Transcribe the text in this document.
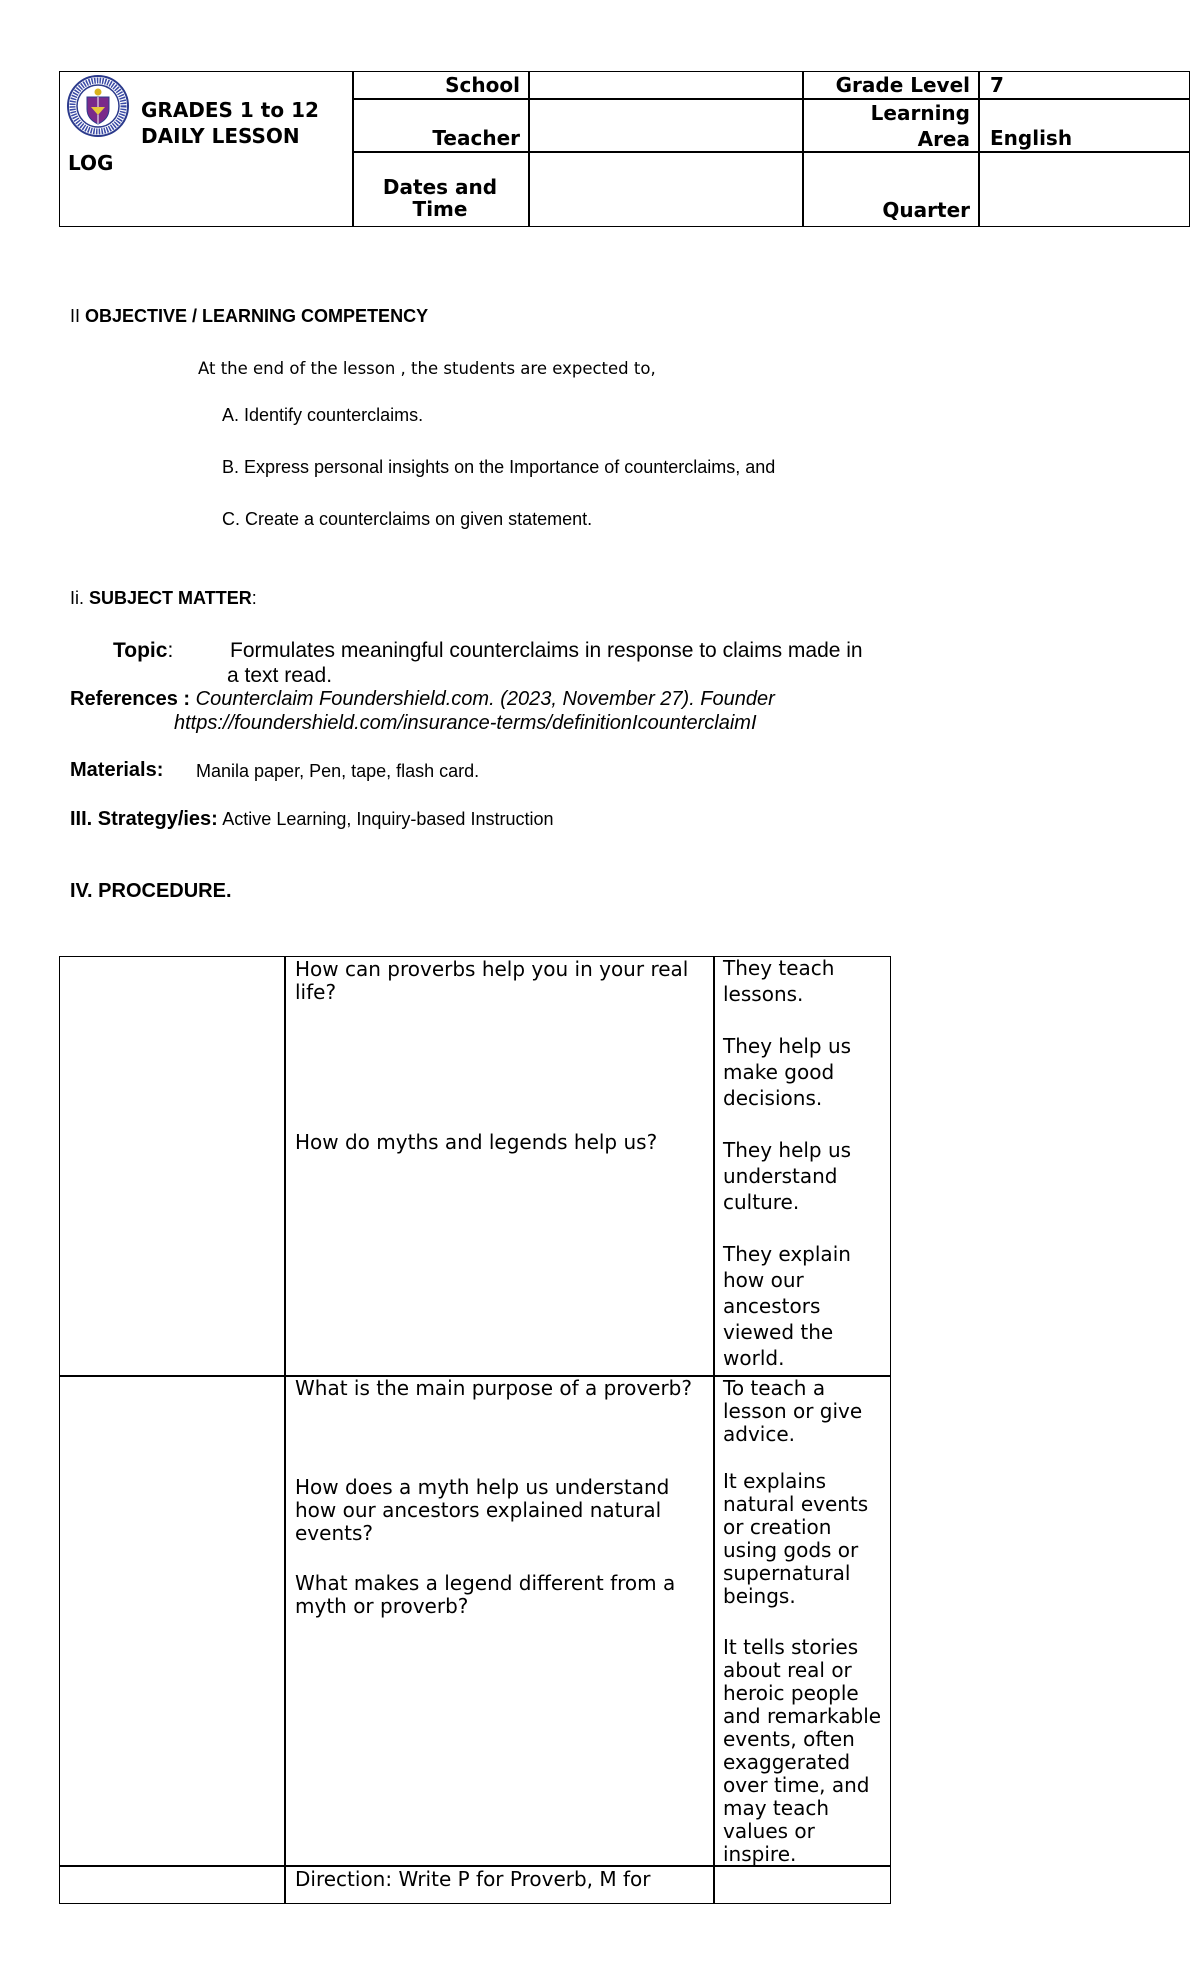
GRADES 1 to 12
DAILY LESSON
LOG
School
Teacher
Dates and
Time
Grade Level 7
Learning
Area English
Quarter
II OBJECTIVE / LEARNING COMPETENCY
At the end of the lesson , the students are expected to,
A. Identify counterclaims.
B. Express personal insights on the Importance of counterclaims, and
C. Create a counterclaims on given statement.
Ii. SUBJECT MATTER:
Topic:	Formulates meaningful counterclaims in response to claims made in
a text read.
References : Counterclaim Foundershield.com. (2023, November 27). Founder
https://foundershield.com/insurance-terms/definitionIcounterclaimI
Materials: Manila paper, Pen, tape, flash card.
III. Strategy/ies: Active Learning, Inquiry-based Instruction
IV. PROCEDURE.
How can proverbs help you in your real
life?
How do myths and legends help us?
They teach
lessons.
They help us
make good
decisions.
They help us
understand
culture.
They explain
how our
ancestors
viewed the
world.
What is the main purpose of a proverb?
How does a myth help us understand
how our ancestors explained natural
events?
What makes a legend different from a
myth or proverb?
To teach a
lesson or give
advice.
It explains
natural events
or creation
using gods or
supernatural
beings.
It tells stories
about real or
heroic people
and remarkable
events, often
exaggerated
over time, and
may teach
values or
inspire.
Direction: Write P for Proverb, M for
